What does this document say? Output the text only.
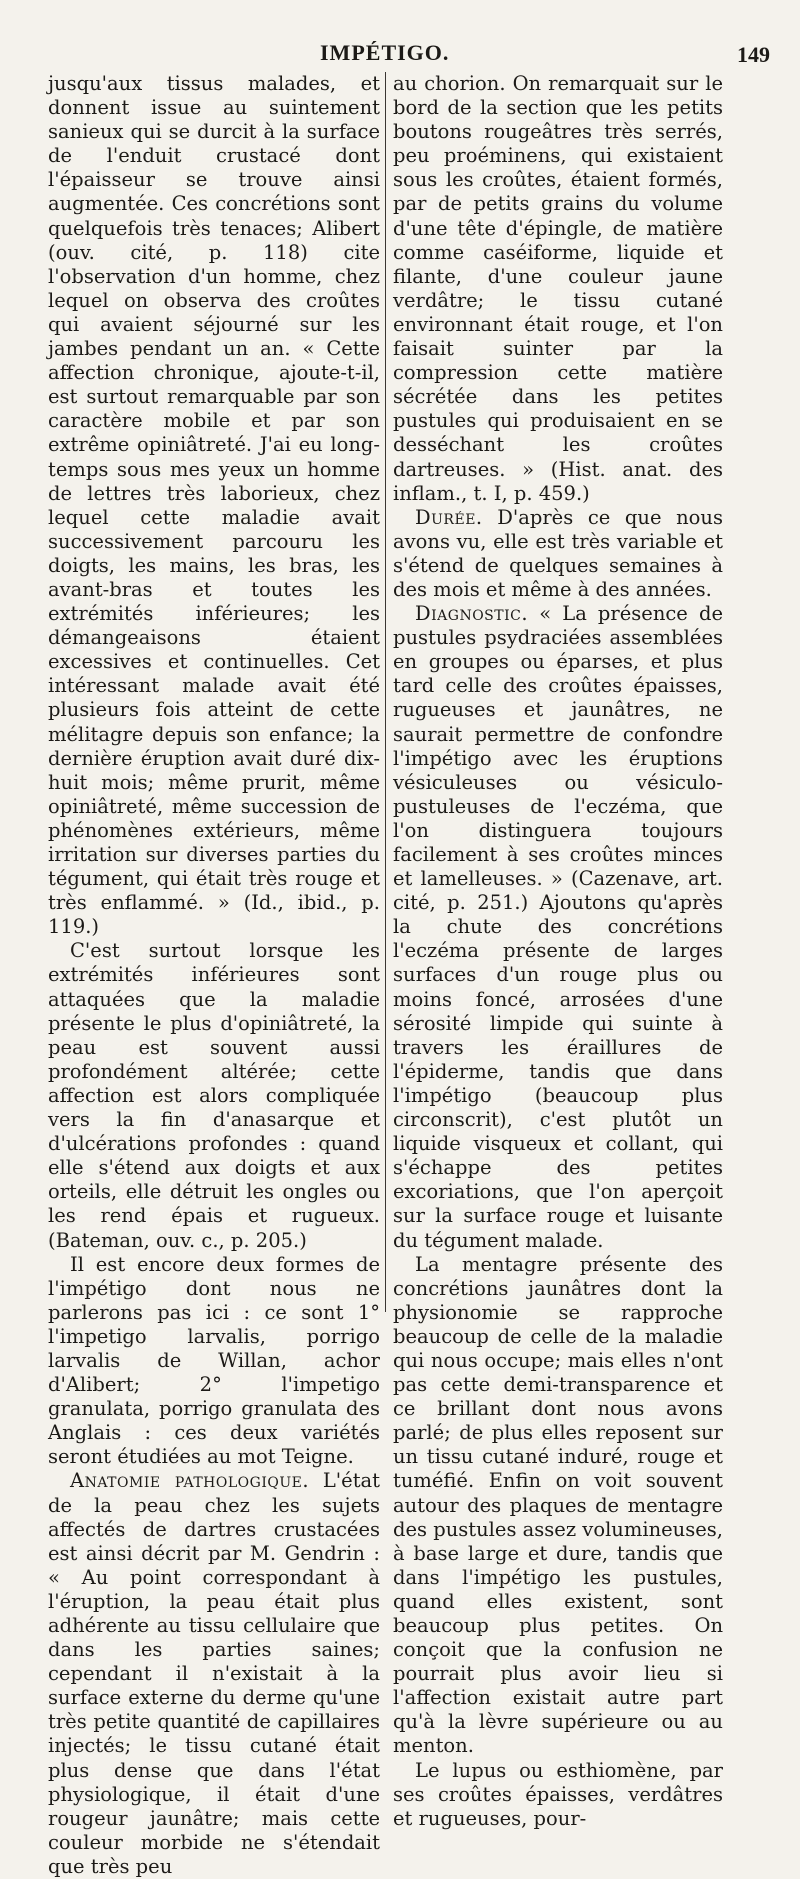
IMPÉTIGO.	149

jusqu'aux tissus malades, et donnent issue au suintement sanieux qui se durcit à la surface de l'enduit crustacé dont l'épaisseur se trouve ainsi augmentée. Ces concrétions sont quelquefois très tenaces; Alibert (ouv. cité, p. 118) cite l'observation d'un homme, chez lequel on observa des croûtes qui avaient séjourné sur les jambes pendant un an. « Cette affection chronique, ajoute-t-il, est surtout remarquable par son caractère mobile et par son extrême opiniâtreté. J'ai eu long-temps sous mes yeux un homme de lettres très laborieux, chez lequel cette maladie avait successivement parcouru les doigts, les mains, les bras, les avant-bras et toutes les extrémités inférieures; les démangeaisons étaient excessives et continuelles. Cet intéressant malade avait été plusieurs fois atteint de cette mélitagre depuis son enfance; la dernière éruption avait duré dix-huit mois; même prurit, même opiniâtreté, même succession de phénomènes extérieurs, même irritation sur diverses parties du tégument, qui était très rouge et très enflammé. » (Id., ibid., p. 119.)

C'est surtout lorsque les extrémités inférieures sont attaquées que la maladie présente le plus d'opiniâtreté, la peau est souvent aussi profondément altérée; cette affection est alors compliquée vers la fin d'anasarque et d'ulcérations profondes : quand elle s'étend aux doigts et aux orteils, elle détruit les ongles ou les rend épais et rugueux. (Bateman, ouv. c., p. 205.)

Il est encore deux formes de l'impétigo dont nous ne parlerons pas ici : ce sont 1° l'impetigo larvalis, porrigo larvalis de Willan, achor d'Alibert; 2° l'impetigo granulata, porrigo granulata des Anglais : ces deux variétés seront étudiées au mot Teigne.

Anatomie pathologique. L'état de la peau chez les sujets affectés de dartres crustacées est ainsi décrit par M. Gendrin : « Au point correspondant à l'éruption, la peau était plus adhérente au tissu cellulaire que dans les parties saines; cependant il n'existait à la surface externe du derme qu'une très petite quantité de capillaires injectés; le tissu cutané était plus dense que dans l'état physiologique, il était d'une rougeur jaunâtre; mais cette couleur morbide ne s'étendait que très peu

au chorion. On remarquait sur le bord de la section que les petits boutons rougeâtres très serrés, peu proéminens, qui existaient sous les croûtes, étaient formés, par de petits grains du volume d'une tête d'épingle, de matière comme caséiforme, liquide et filante, d'une couleur jaune verdâtre; le tissu cutané environnant était rouge, et l'on faisait suinter par la compression cette matière sécrétée dans les petites pustules qui produisaient en se desséchant les croûtes dartreuses. » (Hist. anat. des inflam., t. I, p. 459.)

Durée. D'après ce que nous avons vu, elle est très variable et s'étend de quelques semaines à des mois et même à des années.

Diagnostic. « La présence de pustules psydraciées assemblées en groupes ou éparses, et plus tard celle des croûtes épaisses, rugueuses et jaunâtres, ne saurait permettre de confondre l'impétigo avec les éruptions vésiculeuses ou vésiculo-pustuleuses de l'eczéma, que l'on distinguera toujours facilement à ses croûtes minces et lamelleuses. » (Cazenave, art. cité, p. 251.) Ajoutons qu'après la chute des concrétions l'eczéma présente de larges surfaces d'un rouge plus ou moins foncé, arrosées d'une sérosité limpide qui suinte à travers les éraillures de l'épiderme, tandis que dans l'impétigo (beaucoup plus circonscrit), c'est plutôt un liquide visqueux et collant, qui s'échappe des petites excoriations, que l'on aperçoit sur la surface rouge et luisante du tégument malade.

La mentagre présente des concrétions jaunâtres dont la physionomie se rapproche beaucoup de celle de la maladie qui nous occupe; mais elles n'ont pas cette demi-transparence et ce brillant dont nous avons parlé; de plus elles reposent sur un tissu cutané induré, rouge et tuméfié. Enfin on voit souvent autour des plaques de mentagre des pustules assez volumineuses, à base large et dure, tandis que dans l'impétigo les pustules, quand elles existent, sont beaucoup plus petites. On conçoit que la confusion ne pourrait plus avoir lieu si l'affection existait autre part qu'à la lèvre supérieure ou au menton.

Le lupus ou esthiomène, par ses croûtes épaisses, verdâtres et rugueuses, pour-
